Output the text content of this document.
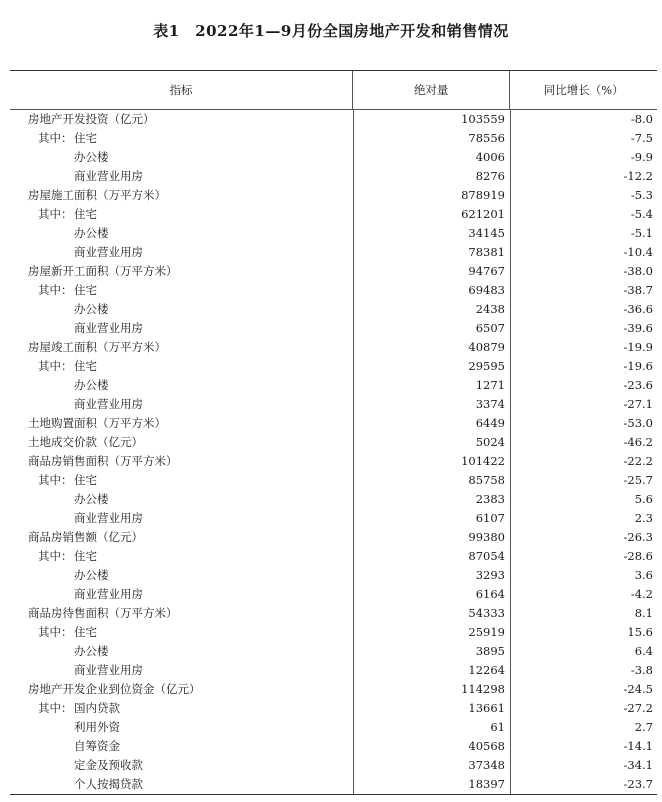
表1　2022年1—9月份全国房地产开发和销售情况
指标	绝对量	同比增长（%）
房地产开发投资（亿元）	103559	-8.0
其中： 住宅	78556	-7.5
办公楼	4006	-9.9
商业营业用房	8276	-12.2
房屋施工面积（万平方米）	878919	-5.3
其中： 住宅	621201	-5.4
办公楼	34145	-5.1
商业营业用房	78381	-10.4
房屋新开工面积（万平方米）	94767	-38.0
其中： 住宅	69483	-38.7
办公楼	2438	-36.6
商业营业用房	6507	-39.6
房屋竣工面积（万平方米）	40879	-19.9
其中： 住宅	29595	-19.6
办公楼	1271	-23.6
商业营业用房	3374	-27.1
土地购置面积（万平方米）	6449	-53.0
土地成交价款（亿元）	5024	-46.2
商品房销售面积（万平方米）	101422	-22.2
其中： 住宅	85758	-25.7
办公楼	2383	5.6
商业营业用房	6107	2.3
商品房销售额（亿元）	99380	-26.3
其中： 住宅	87054	-28.6
办公楼	3293	3.6
商业营业用房	6164	-4.2
商品房待售面积（万平方米）	54333	8.1
其中： 住宅	25919	15.6
办公楼	3895	6.4
商业营业用房	12264	-3.8
房地产开发企业到位资金（亿元）	114298	-24.5
其中： 国内贷款	13661	-27.2
利用外资	61	2.7
自筹资金	40568	-14.1
定金及预收款	37348	-34.1
个人按揭贷款	18397	-23.7
